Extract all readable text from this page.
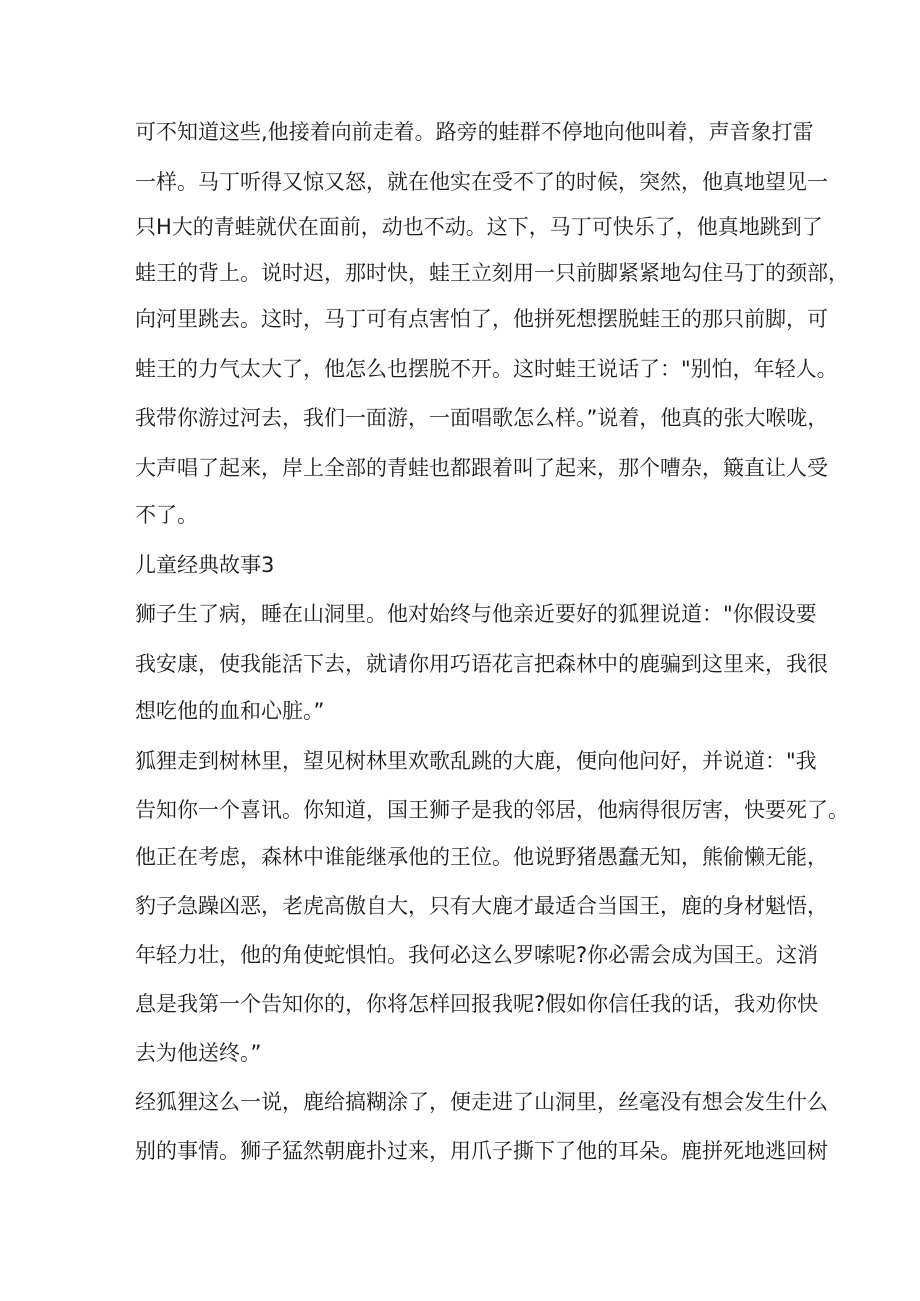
可不知道这些,他接着向前走着。路旁的蛙群不停地向他叫着，声音象打雷
一样。马丁听得又惊又怒，就在他实在受不了的时候，突然，他真地望见一
只H大的青蛙就伏在面前，动也不动。这下，马丁可快乐了，他真地跳到了
蛙王的背上。说时迟，那时快，蛙王立刻用一只前脚紧紧地勾住马丁的颈部，
向河里跳去。这时，马丁可有点害怕了，他拼死想摆脱蛙王的那只前脚，可
蛙王的力气太大了，他怎么也摆脱不开。这时蛙王说话了："别怕，年轻人。
我带你游过河去，我们一面游，一面唱歌怎么样。”说着，他真的张大喉咙，
大声唱了起来，岸上全部的青蛙也都跟着叫了起来，那个嘈杂，簸直让人受
不了。
儿童经典故事3
狮子生了病，睡在山洞里。他对始终与他亲近要好的狐狸说道："你假设要
我安康，使我能活下去，就请你用巧语花言把森林中的鹿骗到这里来，我很
想吃他的血和心脏。”
狐狸走到树林里，望见树林里欢歌乱跳的大鹿，便向他问好，并说道："我
告知你一个喜讯。你知道，国王狮子是我的邻居，他病得很厉害，快要死了。
他正在考虑，森林中谁能继承他的王位。他说野猪愚蠢无知，熊偷懒无能，
豹子急躁凶恶，老虎高傲自大，只有大鹿才最适合当国王，鹿的身材魁悟，
年轻力壮，他的角使蛇惧怕。我何必这么罗嗦呢?你必需会成为国王。这消
息是我第一个告知你的，你将怎样回报我呢?假如你信任我的话，我劝你快
去为他送终。”
经狐狸这么一说，鹿给搞糊涂了，便走进了山洞里，丝毫没有想会发生什么
别的事情。狮子猛然朝鹿扑过来，用爪子撕下了他的耳朵。鹿拼死地逃回树
